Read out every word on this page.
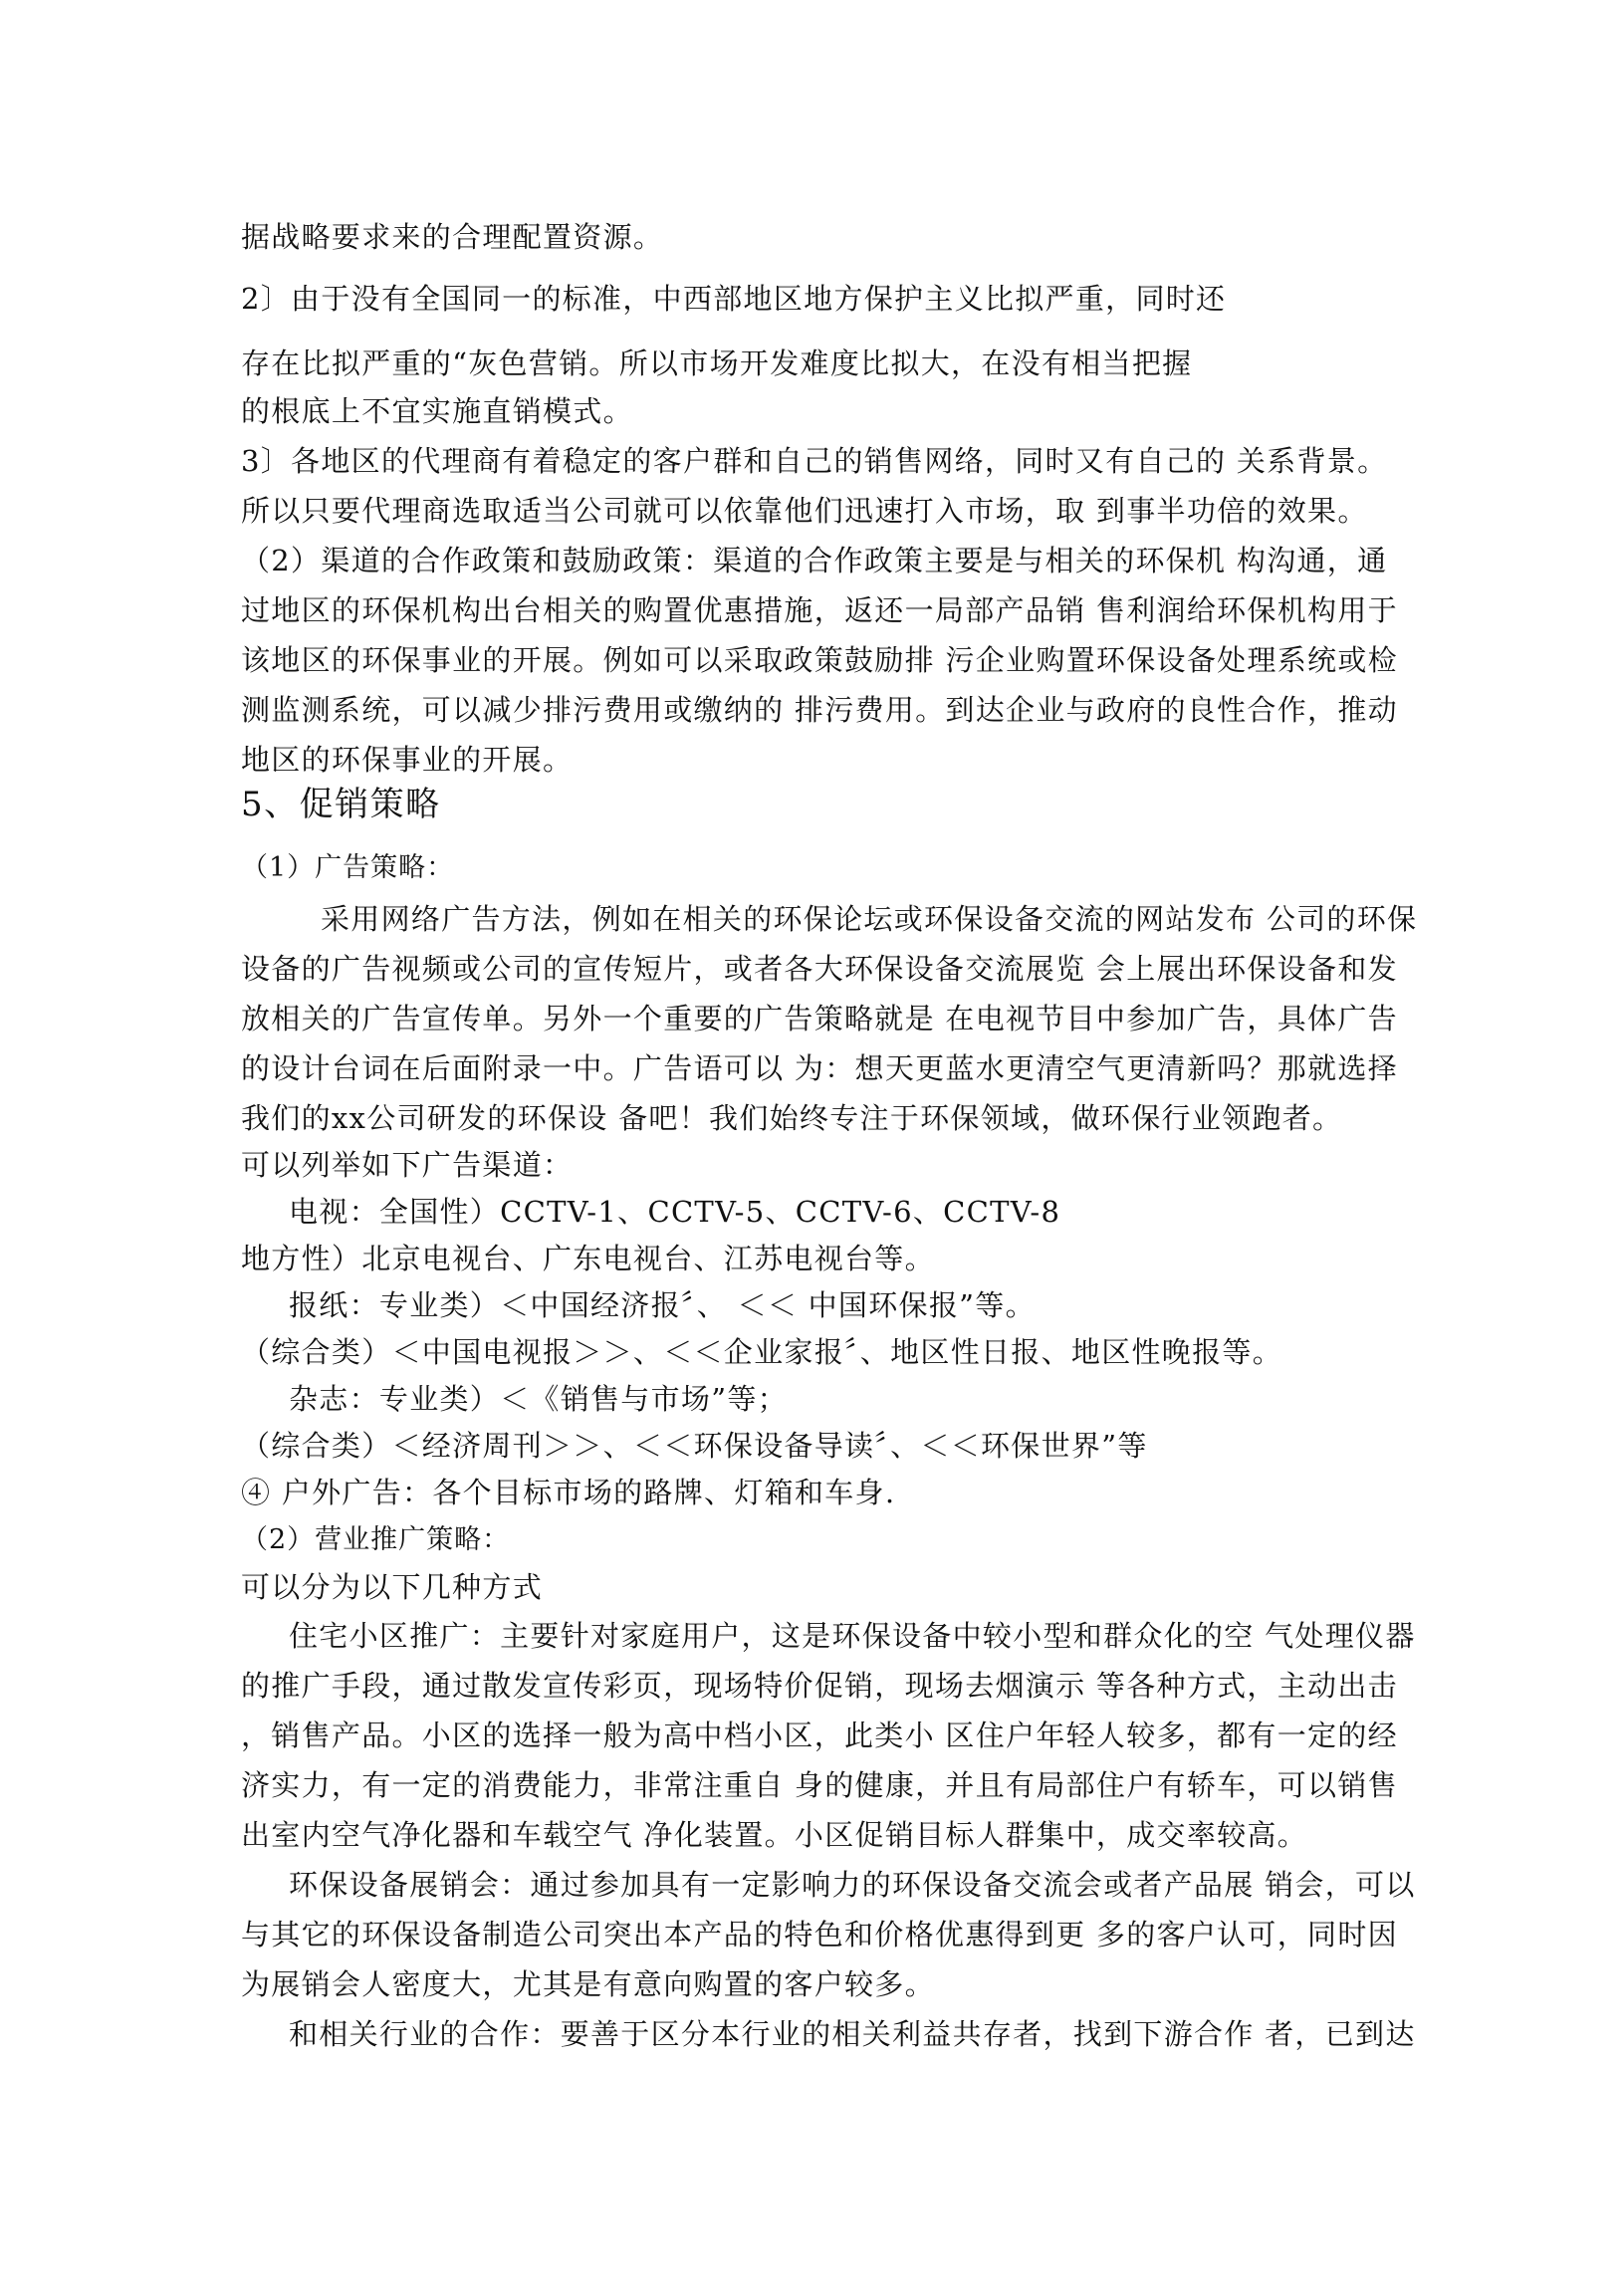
据战略要求来的合理配置资源。
2〕由于没有全国同一的标准，中西部地区地方保护主义比拟严重，同时还
存在比拟严重的“灰色营销。所以市场开发难度比拟大，在没有相当把握
的根底上不宜实施直销模式。
3〕各地区的代理商有着稳定的客户群和自己的销售网络，同时又有自己的 关系背景。
所以只要代理商选取适当公司就可以依靠他们迅速打入市场，取 到事半功倍的效果。
（2）渠道的合作政策和鼓励政策：渠道的合作政策主要是与相关的环保机 构沟通，通
过地区的环保机构出台相关的购置优惠措施，返还一局部产品销 售利润给环保机构用于
该地区的环保事业的开展。例如可以采取政策鼓励排 污企业购置环保设备处理系统或检
测监测系统，可以减少排污费用或缴纳的 排污费用。到达企业与政府的良性合作，推动
地区的环保事业的开展。
5、促销策略
（1）广告策略：
采用网络广告方法，例如在相关的环保论坛或环保设备交流的网站发布 公司的环保
设备的广告视频或公司的宣传短片，或者各大环保设备交流展览 会上展出环保设备和发
放相关的广告宣传单。另外一个重要的广告策略就是 在电视节目中参加广告，具体广告
的设计台词在后面附录一中。广告语可以 为：想天更蓝水更清空气更清新吗？那就选择
我们的xx公司研发的环保设 备吧！我们始终专注于环保领域，做环保行业领跑者。
可以列举如下广告渠道：
电视：全国性）CCTV-1、CCTV-5、CCTV-6、CCTV-8
地方性）北京电视台、广东电视台、江苏电视台等。
报纸：专业类）＜中国经济报〞、 ＜＜ 中国环保报”等。
（综合类）＜中国电视报＞＞、＜＜企业家报〞、地区性日报、地区性晚报等。
杂志：专业类）＜《销售与市场”等；
（综合类）＜经济周刊＞＞、＜＜环保设备导读〞、＜＜环保世界”等
④ 户外广告：各个目标市场的路牌、灯箱和车身.
（2）营业推广策略：
可以分为以下几种方式
住宅小区推广：主要针对家庭用户，这是环保设备中较小型和群众化的空 气处理仪器
的推广手段，通过散发宣传彩页，现场特价促销，现场去烟演示 等各种方式，主动出击
，销售产品。小区的选择一般为高中档小区，此类小 区住户年轻人较多，都有一定的经
济实力，有一定的消费能力，非常注重自 身的健康，并且有局部住户有轿车，可以销售
出室内空气净化器和车载空气 净化装置。小区促销目标人群集中，成交率较高。
环保设备展销会：通过参加具有一定影响力的环保设备交流会或者产品展 销会，可以
与其它的环保设备制造公司突出本产品的特色和价格优惠得到更 多的客户认可，同时因
为展销会人密度大，尤其是有意向购置的客户较多。
和相关行业的合作：要善于区分本行业的相关利益共存者，找到下游合作 者，已到达
